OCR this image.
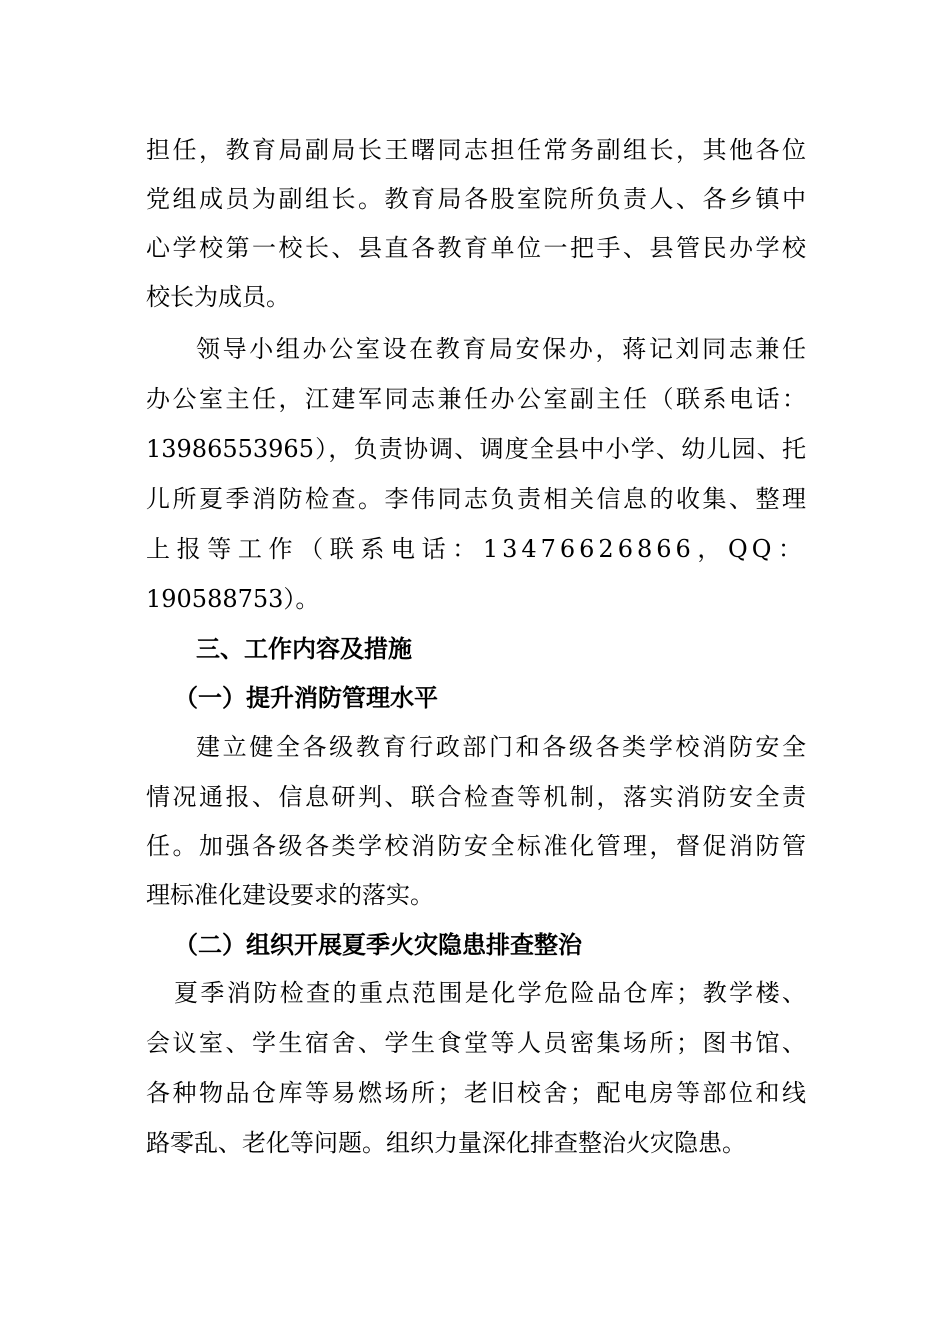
担任，教育局副局长王曙同志担任常务副组长，其他各位
党组成员为副组长。教育局各股室院所负责人、各乡镇中
心学校第一校长、县直各教育单位一把手、县管民办学校
校长为成员。
领导小组办公室设在教育局安保办，蒋记刘同志兼任
办公室主任，江建军同志兼任办公室副主任（联系电话：
13986553965），负责协调、调度全县中小学、幼儿园、托
儿所夏季消防检查。李伟同志负责相关信息的收集、整理
上报等工作（联系电话：13476626866，QQ：
190588753）。
三、工作内容及措施
（一）提升消防管理水平
建立健全各级教育行政部门和各级各类学校消防安全
情况通报、信息研判、联合检查等机制，落实消防安全责
任。加强各级各类学校消防安全标准化管理，督促消防管
理标准化建设要求的落实。
（二）组织开展夏季火灾隐患排查整治
夏季消防检查的重点范围是化学危险品仓库；教学楼、
会议室、学生宿舍、学生食堂等人员密集场所；图书馆、
各种物品仓库等易燃场所；老旧校舍；配电房等部位和线
路零乱、老化等问题。组织力量深化排查整治火灾隐患。
